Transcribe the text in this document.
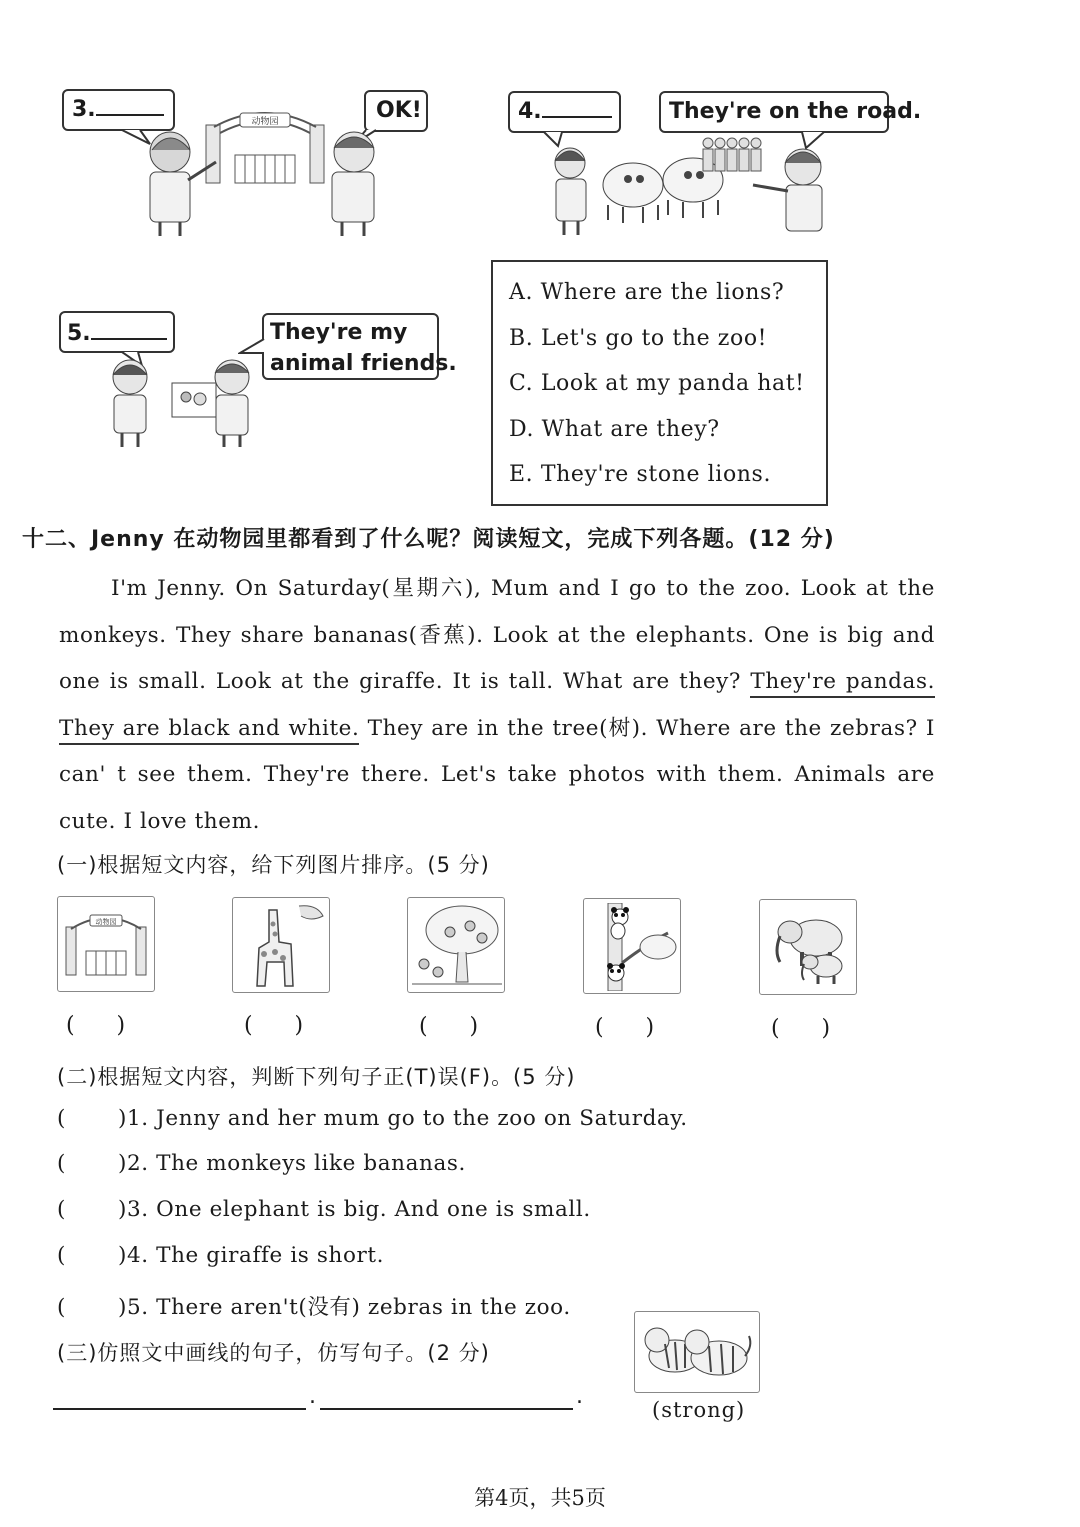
3.	OK!
动物园	4.	They're on the road.
5.	They're my
animal friends.
A. Where are the lions?
B. Let's go to the zoo!
C. Look at my panda hat!
D. What are they?
E. They're stone lions.
十二、Jenny 在动物园里都看到了什么呢？阅读短文，完成下列各题。(12 分)
I'm Jenny. On Saturday(星期六), Mum and I go to the zoo. Look at the
monkeys. They share bananas(香蕉). Look at the elephants. One is big and
one is small. Look at the giraffe. It is tall. What are they? They're pandas.
They are black and white. They are in the tree(树). Where are the zebras? I
can' t see them. They're there. Let's take photos with them. Animals are
cute. I love them.
(一)根据短文内容，给下列图片排序。(5 分)
动物园
(      )	(      )	(      )	(      )	(      )
(二)根据短文内容，判断下列句子正(T)误(F)。(5 分)
(       )1. Jenny and her mum go to the zoo on Saturday.
(       )2. The monkeys like bananas.
(       )3. One elephant is big. And one is small.
(       )4. The giraffe is short.
(       )5. There aren't(没有) zebras in the zoo.
(三)仿照文中画线的句子，仿写句子。(2 分)
.	.
(strong)
第4页，共5页
